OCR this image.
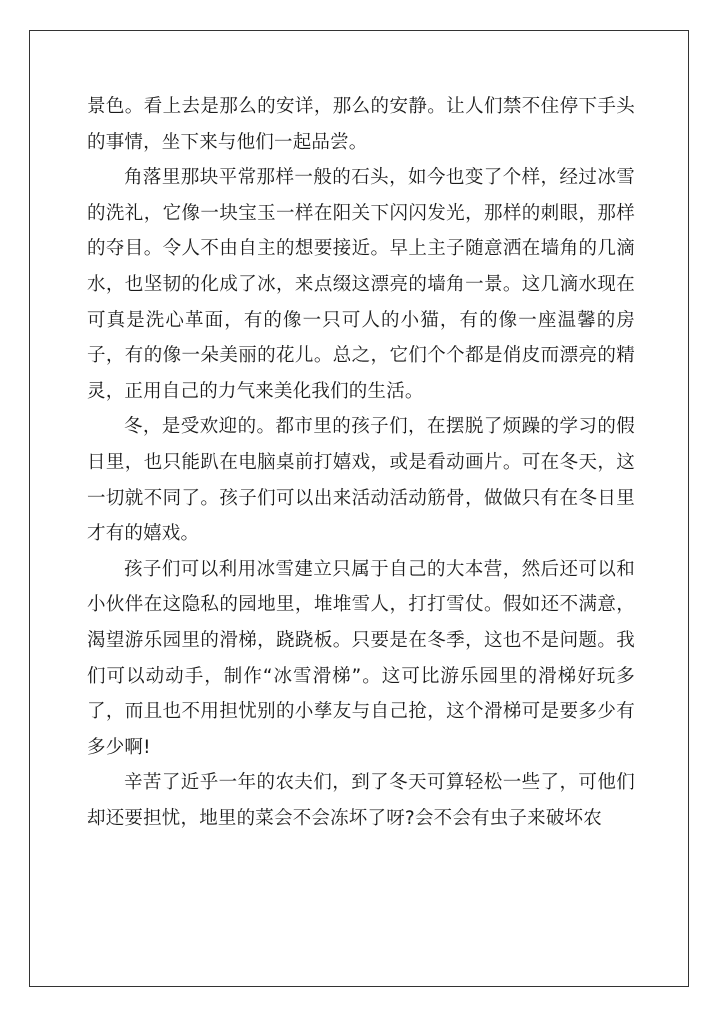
景色。看上去是那么的安详，那么的安静。让人们禁不住停下手头的事情，坐下来与他们一起品尝。

角落里那块平常那样一般的石头，如今也变了个样，经过冰雪的洗礼，它像一块宝玉一样在阳关下闪闪发光，那样的刺眼，那样的夺目。令人不由自主的想要接近。早上主子随意洒在墙角的几滴水，也坚韧的化成了冰，来点缀这漂亮的墙角一景。这几滴水现在可真是洗心革面，有的像一只可人的小猫，有的像一座温馨的房子，有的像一朵美丽的花儿。总之，它们个个都是俏皮而漂亮的精灵，正用自己的力气来美化我们的生活。

冬，是受欢迎的。都市里的孩子们，在摆脱了烦躁的学习的假日里，也只能趴在电脑桌前打嬉戏，或是看动画片。可在冬天，这一切就不同了。孩子们可以出来活动活动筋骨，做做只有在冬日里才有的嬉戏。

孩子们可以利用冰雪建立只属于自己的大本营，然后还可以和小伙伴在这隐私的园地里，堆堆雪人，打打雪仗。假如还不满意，渴望游乐园里的滑梯，跷跷板。只要是在冬季，这也不是问题。我们可以动动手，制作“冰雪滑梯”。这可比游乐园里的滑梯好玩多了，而且也不用担忧别的小孳友与自己抢，这个滑梯可是要多少有多少啊!

辛苦了近乎一年的农夫们，到了冬天可算轻松一些了，可他们却还要担忧，地里的菜会不会冻坏了呀?会不会有虫子来破坏农
